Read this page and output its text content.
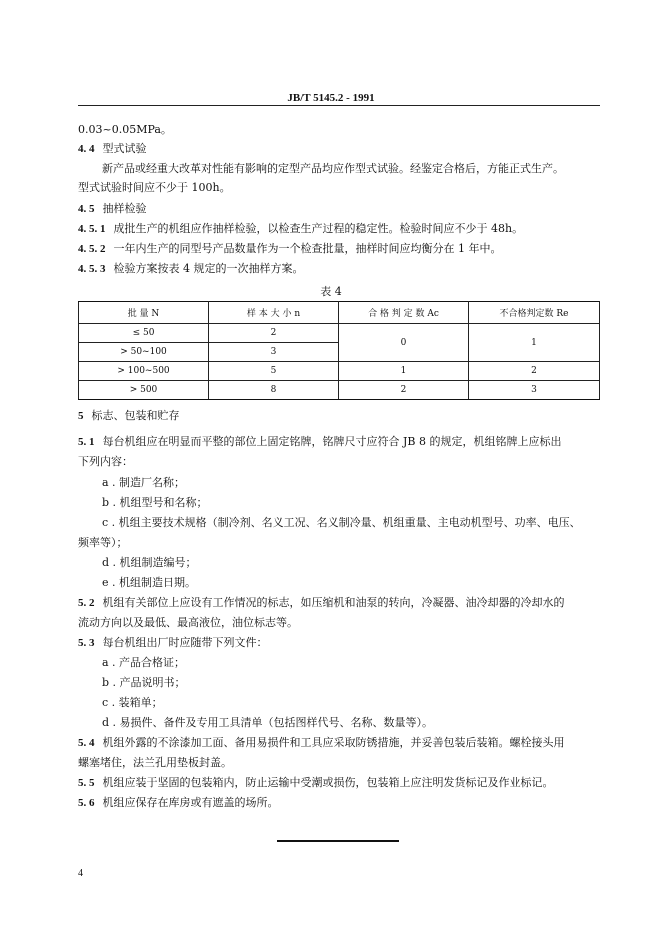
JB/T 5145.2 - 1991
0.03~0.05MPa。
4. 4 型式试验
新产品或经重大改革对性能有影响的定型产品均应作型式试验。经鉴定合格后，方能正式生产。
型式试验时间应不少于 100h。
4. 5 抽样检验
4. 5. 1 成批生产的机组应作抽样检验，以检查生产过程的稳定性。检验时间应不少于 48h。
4. 5. 2 一年内生产的同型号产品数量作为一个检查批量，抽样时间应均衡分在 1 年中。
4. 5. 3 检验方案按表 4 规定的一次抽样方案。
表 4
批 量 N	样 本 大 小 n	合 格 判 定 数 Ac	不合格判定数 Re
≤ 50	2	0	1
> 50~100	3		
> 100~500	5	1	2
> 500	8	2	3
5 标志、包装和贮存
5. 1 每台机组应在明显而平整的部位上固定铭牌，铭牌尺寸应符合 JB 8 的规定，机组铭牌上应标出
下列内容：
a . 制造厂名称；
b . 机组型号和名称；
c . 机组主要技术规格（制冷剂、名义工况、名义制冷量、机组重量、主电动机型号、功率、电压、
频率等）；
d . 机组制造编号；
e . 机组制造日期。
5. 2 机组有关部位上应设有工作情况的标志，如压缩机和油泵的转向，冷凝器、油冷却器的冷却水的
流动方向以及最低、最高液位，油位标志等。
5. 3 每台机组出厂时应随带下列文件：
a . 产品合格证；
b . 产品说明书；
c . 装箱单；
d . 易损件、备件及专用工具清单（包括图样代号、名称、数量等）。
5. 4 机组外露的不涂漆加工面、备用易损件和工具应采取防锈措施，并妥善包装后装箱。螺栓接头用
螺塞堵住，法兰孔用垫板封盖。
5. 5 机组应装于坚固的包装箱内，防止运输中受潮或损伤，包装箱上应注明发货标记及作业标记。
5. 6 机组应保存在库房或有遮盖的场所。
4
